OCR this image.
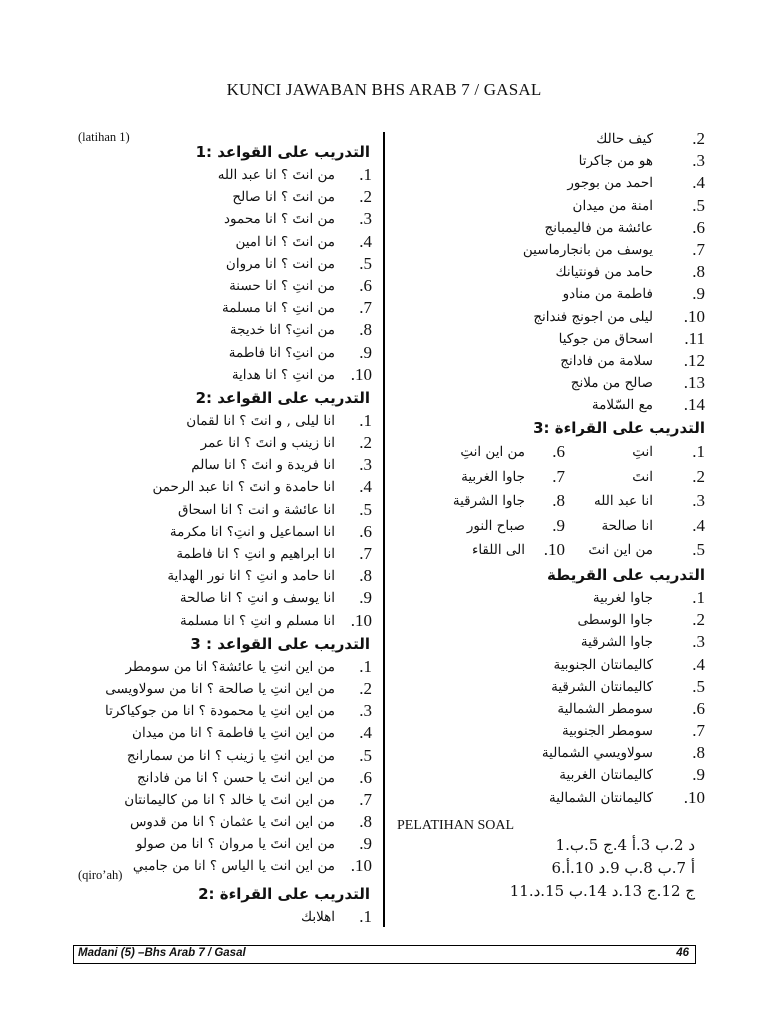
KUNCI JAWABAN BHS ARAB 7 / GASAL
(latihan 1)
(qiro’ah)
التدريب على القواعد :1
.1
من انتَ ؟ انا عبد الله
.2
من انتَ ؟ انا صالح
.3
من انتَ ؟ انا محمود
.4
من انتَ ؟ انا امين
.5
من انت ؟ انا مروان
.6
من انتِ ؟ انا حسنة
.7
من انتِ ؟ انا مسلمة
.8
من انتِ؟ انا خديجة
.9
من انتِ؟ انا فاطمة
.10
من انتِ ؟ انا هداية
التدريب على القواعد :2
.1
انا ليلى , و انتَ ؟ انا لقمان
.2
انا زينب و انتَ ؟ انا عمر
.3
انا فريدة و انتَ ؟ انا سالم
.4
انا حامدة و انتَ ؟ انا عبد الرحمن
.5
انا عائشة و انت ؟ انا اسحاق
.6
انا اسماعيل و انتِ؟ انا مكرمة
.7
انا ابراهيم و انتِ ؟ انا فاطمة
.8
انا حامد و انتِ ؟ انا نور الهداية
.9
انا يوسف و انتِ ؟ انا صالحة
.10
انا مسلم و انتِ ؟ انا مسلمة
التدريب على القواعد : 3
.1
من اين انتِ يا عائشة؟ انا من سومطر
.2
من اين انتِ يا صالحة ؟ انا من سولاويسى
.3
من اين انتِ يا محمودة ؟ انا من جوكياكرتا
.4
من اين انتِ يا فاطمة ؟ انا من ميدان
.5
من اين انتِ يا زينب ؟ انا من سمارانج
.6
من اين انتَ يا حسن ؟ انا من فادانج
.7
من اين انتَ يا خالد ؟ انا من كاليمانتان
.8
من اين انتَ يا عثمان ؟ انا من قدوس
.9
من اين انتَ يا مروان ؟ انا من صولو
.10
من اين انت يا الياس ؟ انا من جامبي
التدريب على القراءة :2
.1
اهلابك
.2
كيف حالك
.3
هو من جاكرتا
.4
احمد من بوجور
.5
امنة من ميدان
.6
عائشة من فاليمبانج
.7
يوسف من بانجارماسين
.8
حامد من فونتيانك
.9
فاطمة من منادو
.10
ليلى من اجونج فندانج
.11
اسحاق من جوكيا
.12
سلامة من فادانج
.13
صالح من ملانج
.14
مع السّلامة
التدريب على القراءة :3
.1
انتِ
.6
من اين انتِ
.2
انتَ
.7
جاوا الغربية
.3
انا عبد الله
.8
جاوا الشرقية
.4
انا صالحة
.9
صباح النور
.5
من اين انتَ
.10
الى اللقاء
التدريب على القريطة
.1
جاوا لغربية
.2
جاوا الوسطى
.3
جاوا الشرقية
.4
كاليمانتان الجنوبية
.5
كاليمانتان الشرقية
.6
سومطر الشمالية
.7
سومطر الجنوبية
.8
سولاويسي الشمالية
.9
كاليمانتان الغربية
.10
كاليمانتان الشمالية
PELATIHAN SOAL
1.د 2.ب 3.أ 4.ج 5.ب
6.أ 7.ب 8.ب 9.د 10.أ
11.ج 12.ج 13.د 14.ب 15.د
Madani (5) –Bhs Arab 7 / Gasal	46
